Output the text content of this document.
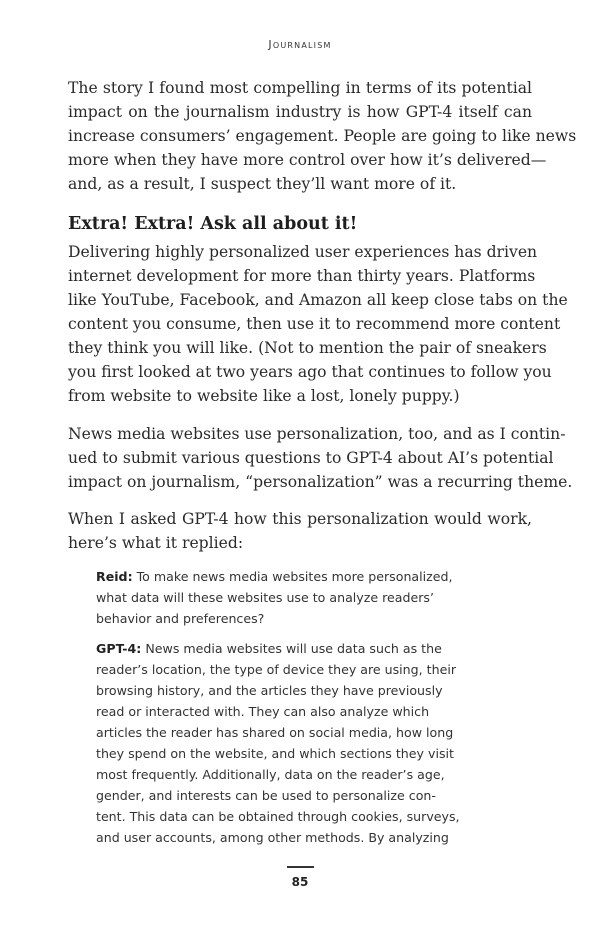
Journalism
The story I found most compelling in terms of its potential
impact on the journalism industry is how GPT-4 itself can
increase consumers’ engagement. People are going to like news
more when they have more control over how it’s delivered—
and, as a result, I suspect they’ll want more of it.
Extra! Extra! Ask all about it!
Delivering highly personalized user experiences has driven
internet development for more than thirty years. Platforms
like YouTube, Facebook, and Amazon all keep close tabs on the
content you consume, then use it to recommend more content
they think you will like. (Not to mention the pair of sneakers
you first looked at two years ago that continues to follow you
from website to website like a lost, lonely puppy.)
News media websites use personalization, too, and as I contin-
ued to submit various questions to GPT-4 about AI’s potential
impact on journalism, “personalization” was a recurring theme.
When I asked GPT-4 how this personalization would work,
here’s what it replied:
Reid: To make news media websites more personalized,
what data will these websites use to analyze readers’
behavior and preferences?
GPT-4: News media websites will use data such as the
reader’s location, the type of device they are using, their
browsing history, and the articles they have previously
read or interacted with. They can also analyze which
articles the reader has shared on social media, how long
they spend on the website, and which sections they visit
most frequently. Additionally, data on the reader’s age,
gender, and interests can be used to personalize con-
tent. This data can be obtained through cookies, surveys,
and user accounts, among other methods. By analyzing
85
